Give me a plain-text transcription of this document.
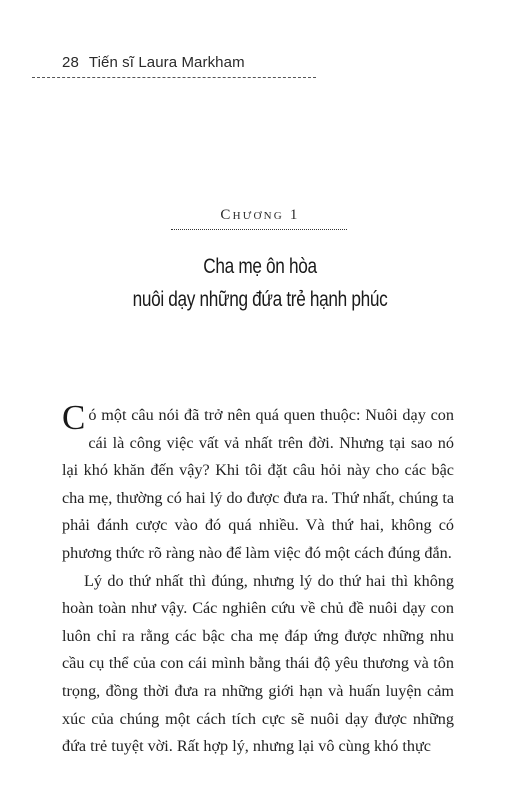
28 Tiến sĩ Laura Markham
Chương 1
Cha mẹ ôn hòa
nuôi dạy những đứa trẻ hạnh phúc

Có một câu nói đã trở nên quá quen thuộc: Nuôi dạy con cái là công việc vất vả nhất trên đời. Nhưng tại sao nó lại khó khăn đến vậy? Khi tôi đặt câu hỏi này cho các bậc cha mẹ, thường có hai lý do được đưa ra. Thứ nhất, chúng ta phải đánh cược vào đó quá nhiều. Và thứ hai, không có phương thức rõ ràng nào để làm việc đó một cách đúng đắn.

Lý do thứ nhất thì đúng, nhưng lý do thứ hai thì không hoàn toàn như vậy. Các nghiên cứu về chủ đề nuôi dạy con luôn chỉ ra rằng các bậc cha mẹ đáp ứng được những nhu cầu cụ thể của con cái mình bằng thái độ yêu thương và tôn trọng, đồng thời đưa ra những giới hạn và huấn luyện cảm xúc của chúng một cách tích cực sẽ nuôi dạy được những đứa trẻ tuyệt vời. Rất hợp lý, nhưng lại vô cùng khó thực
